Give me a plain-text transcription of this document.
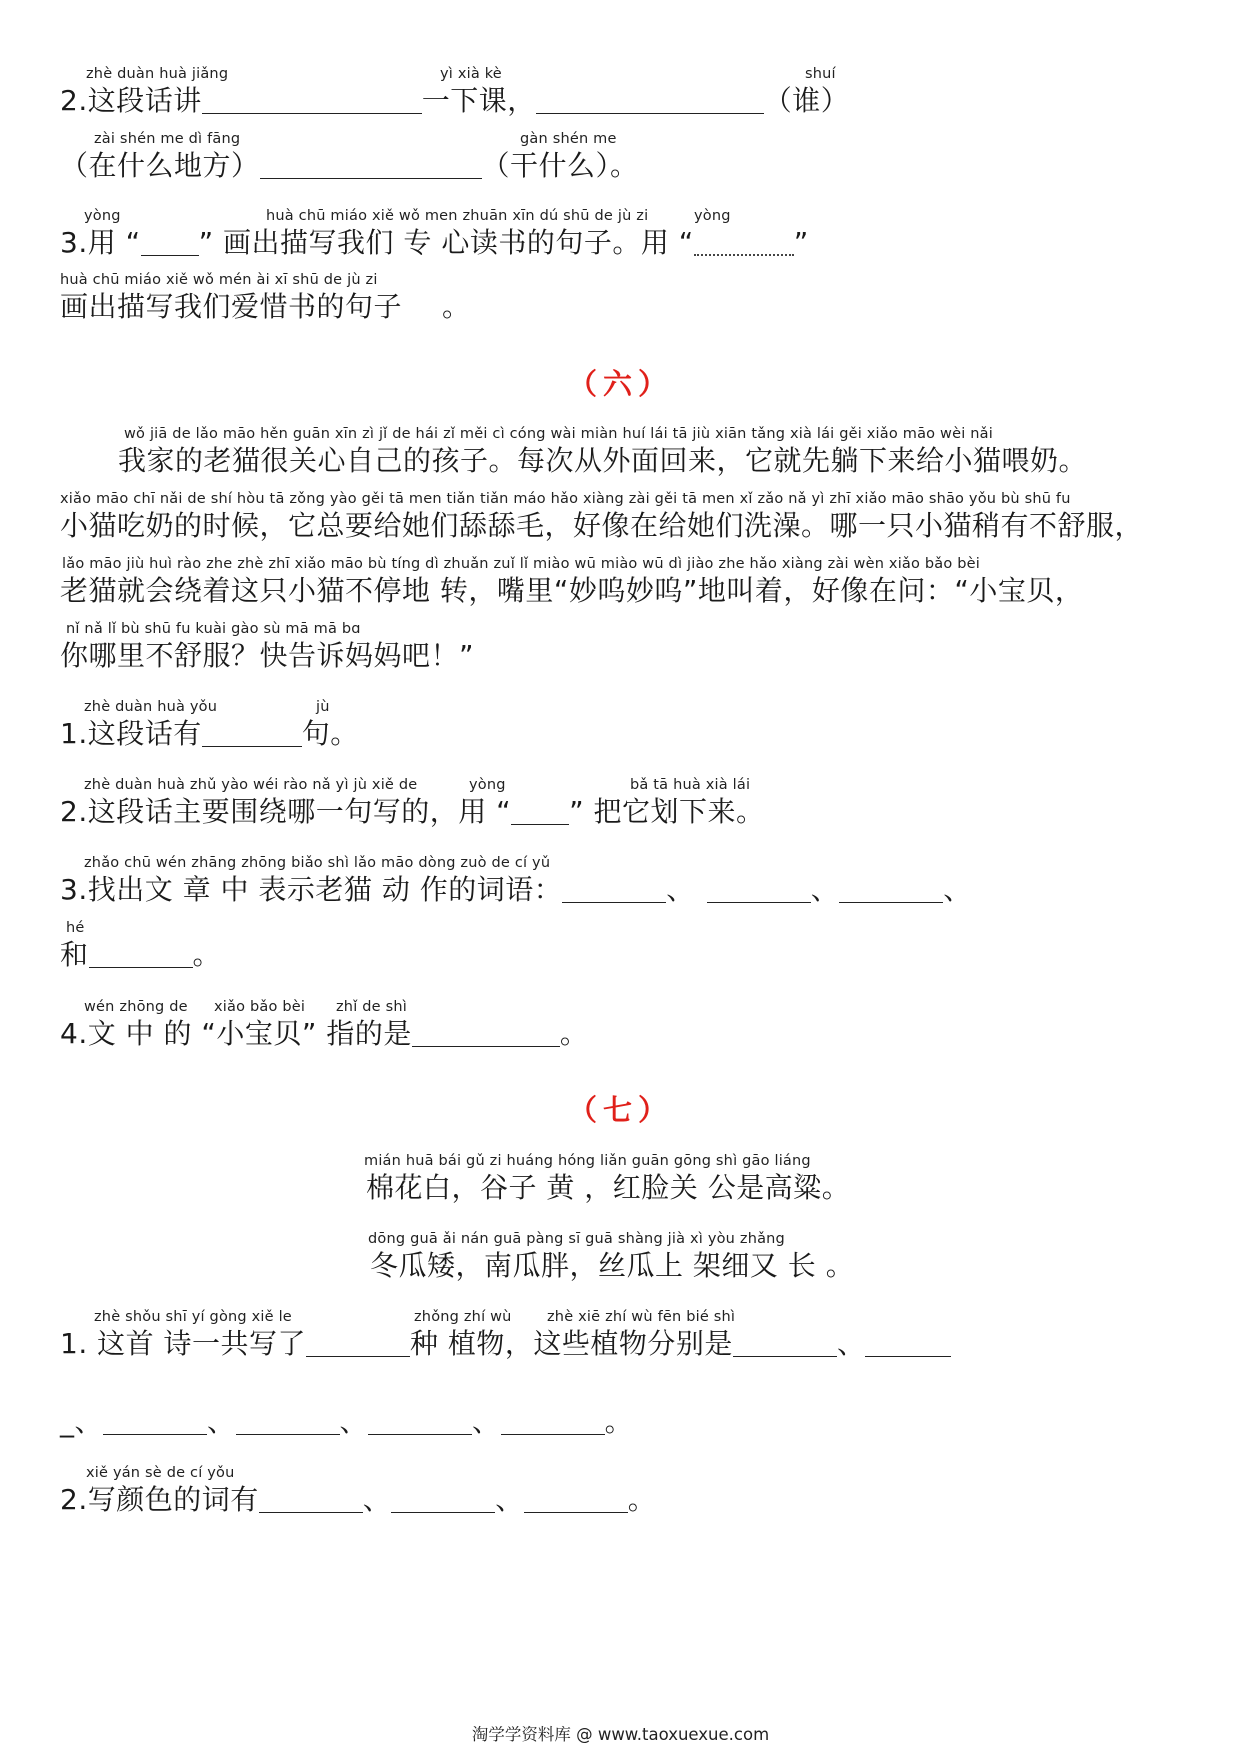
zhè duàn huà jiǎng	yì xià kè	shuí
2.这段话讲	一下课，	（谁）
zài shén me dì fāng	gàn shén me
（在什么地方）	（干什么）。
yòng	huà chū miáo xiě wǒ men zhuān xīn dú shū de jù zi	yòng
3.用 “ ” 画出描写我们 专 心读书的句子。用 “	”
huà chū miáo xiě wǒ mén ài xī shū de jù zi
画出描写我们爱惜书的句子 。
（六）
wǒ jiā de lǎo māo hěn guān xīn zì jǐ de hái zǐ měi cì cóng wài miàn huí lái tā jiù xiān tǎng xià lái gěi xiǎo māo wèi nǎi
我家的老猫很关心自己的孩子。每次从外面回来，它就先躺下来给小猫喂奶。
xiǎo māo chī nǎi de shí hòu tā zǒng yào gěi tā men tiǎn tiǎn máo hǎo xiàng zài gěi tā men xǐ zǎo nǎ yì zhī xiǎo māo shāo yǒu bù shū fu
小猫吃奶的时候，它总要给她们舔舔毛，好像在给她们洗澡。哪一只小猫稍有不舒服，
lǎo māo jiù huì rào zhe zhè zhī xiǎo māo bù tíng dì zhuǎn zuǐ lǐ miào wū miào wū dì jiào zhe hǎo xiàng zài wèn xiǎo bǎo bèi
老猫就会绕着这只小猫不停地 转，嘴里“妙呜妙呜”地叫着，好像在问：“小宝贝，
nǐ nǎ lǐ bù shū fu kuài gào sù mā mā bɑ
你哪里不舒服？快告诉妈妈吧！”
zhè duàn huà yǒu	jù
1.这段话有	句。
zhè duàn huà zhǔ yào wéi rào nǎ yì jù xiě de	yòng	bǎ tā huà xià lái
2.这段话主要围绕哪一句写的，用 “ ” 把它划下来。
zhǎo chū wén zhāng zhōng biǎo shì lǎo māo dòng zuò de cí yǔ
3.找出文 章 中 表示老猫 动 作的词语：	、	、	、
hé
和	。
wén zhōng de xiǎo bǎo bèi zhǐ de shì
4.文 中 的 “小宝贝” 指的是	。
（七）
mián huā bái gǔ zi huáng hóng liǎn guān gōng shì gāo liáng
棉花白，谷子 黄 ，红脸关 公是高粱。
dōng guā ǎi nán guā pàng sī guā shàng jià xì yòu zhǎng
冬瓜矮，南瓜胖，丝瓜上 架细又 长 。
zhè shǒu shī yí gòng xiě le	zhǒng zhí wù zhè xiē zhí wù fēn bié shì
1. 这首 诗一共写了	种 植物，这些植物分别是	、
_、	、	、	、	。
xiě yán sè de cí yǒu
2.写颜色的词有	、	、	。
淘学学资料库 @ www.taoxuexue.com
